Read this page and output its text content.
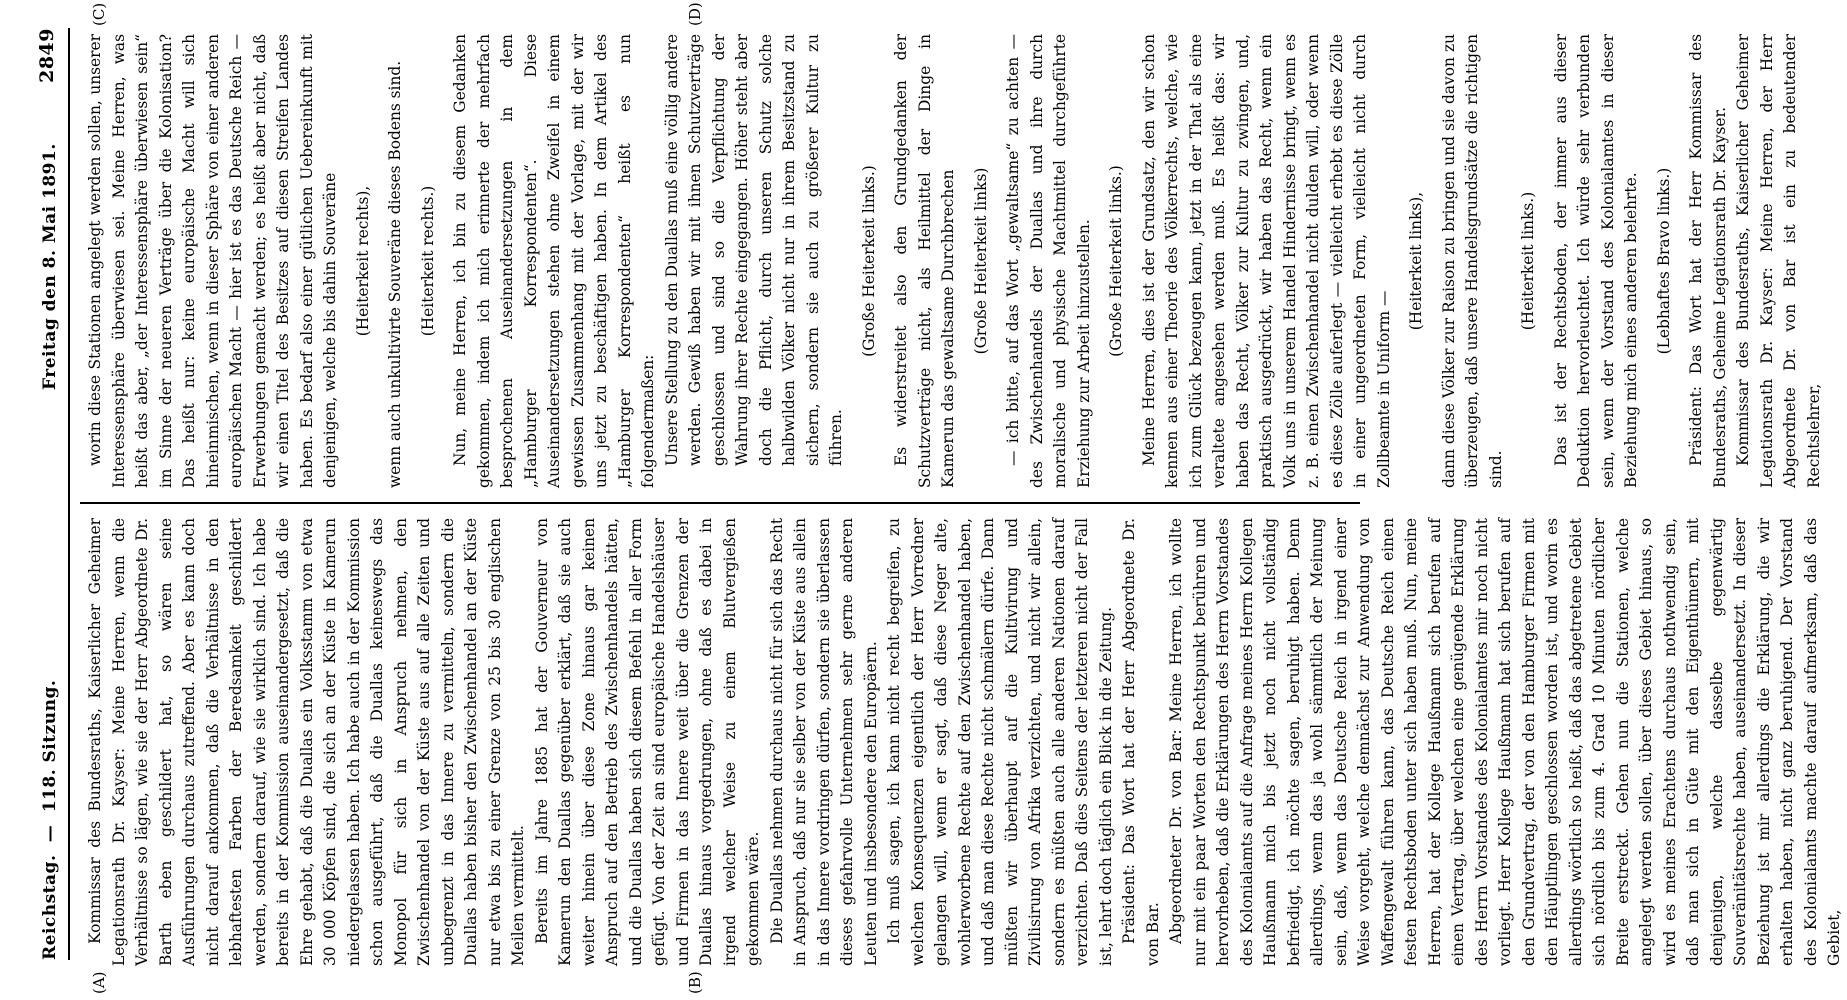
Reichstag. — 118. Sitzung.
Freitag den 8. Mai 1891.
2849
(A)	(B)
(C)	(D)

Kommissar des Bundesraths, Kaiserlicher Geheimer Legationsrath Dr. Kayser: Meine Herren, wenn die Verhältnisse so lägen, wie sie der Herr Abgeordnete Dr. Barth eben geschildert hat, so wären seine Ausführungen durchaus zutreffend. Aber es kann doch nicht darauf ankommen, daß die Verhältnisse in den lebhaftesten Farben der Beredsamkeit geschildert werden, sondern darauf, wie sie wirklich sind. Ich habe bereits in der Kommission auseinandergesetzt, daß die Ehre gehabt, daß die Duallas ein Volksstamm von etwa 30 000 Köpfen sind, die sich an der Küste in Kamerun niedergelassen haben. Ich habe auch in der Kommission schon ausgeführt, daß die Duallas keineswegs das Monopol für sich in Anspruch nehmen, den Zwischenhandel von der Küste aus auf alle Zeiten und unbegrenzt in das Innere zu vermitteln, sondern die Duallas haben bisher den Zwischenhandel an der Küste nur etwa bis zu einer Grenze von 25 bis 30 englischen Meilen vermittelt. Bereits im Jahre 1885 hat der Gouverneur von Kamerun den Duallas gegenüber erklärt, daß sie auch weiter hinein über diese Zone hinaus gar keinen Anspruch auf den Betrieb des Zwischenhandels hätten, und die Duallas haben sich diesem Befehl in aller Form gefügt. Von der Zeit an sind europäische Handelshäuser und Firmen in das Innere weit über die Grenzen der Duallas hinaus vorgedrungen, ohne daß es dabei in irgend welcher Weise zu einem Blutvergießen gekommen wäre. Die Duallas nehmen durchaus nicht für sich das Recht in Anspruch, daß nur sie selber von der Küste aus allein in das Innere vordringen dürfen, sondern sie überlassen dieses gefahrvolle Unternehmen sehr gerne anderen Leuten und insbesondere den Europäern. Ich muß sagen, ich kann nicht recht begreifen, zu welchen Konsequenzen eigentlich der Herr Vorredner gelangen will, wenn er sagt, daß diese Neger alte, wohlerworbene Rechte auf den Zwischenhandel haben, und daß man diese Rechte nicht schmälern dürfe. Dann müßten wir überhaupt auf die Kultivirung und Zivilisirung von Afrika verzichten, und nicht wir allein, sondern es müßten auch alle anderen Nationen darauf verzichten. Daß dies Seitens der letzteren nicht der Fall ist, lehrt doch täglich ein Blick in die Zeitung. Präsident: Das Wort hat der Herr Abgeordnete Dr. von Bar. Abgeordneter Dr. von Bar: Meine Herren, ich wollte nur mit ein paar Worten den Rechtspunkt berühren und hervorheben, daß die Erklärungen des Herrn Vorstandes des Kolonialamts auf die Anfrage meines Herrn Kollegen Haußmann mich bis jetzt noch nicht vollständig befriedigt, ich möchte sagen, beruhigt haben. Denn allerdings, wenn das ja wohl sämmtlich der Meinung sein, daß, wenn das Deutsche Reich in irgend einer Weise vorgeht, welche demnächst zur Anwendung von Waffengewalt führen kann, das Deutsche Reich einen festen Rechtsboden unter sich haben muß. Nun, meine Herren, hat der Kollege Haußmann sich berufen auf einen Vertrag, über welchen eine genügende Erklärung des Herrn Vorstandes des Kolonialamtes mir noch nicht vorliegt. Herr Kollege Haußmann hat sich berufen auf den Grundvertrag, der von den Hamburger Firmen mit den Häuptlingen geschlossen worden ist, und worin es allerdings wörtlich so heißt, daß das abgetretene Gebiet sich nördlich bis zum 4. Grad 10 Minuten nördlicher Breite erstreckt. Gehen nun die Stationen, welche angelegt werden sollen, über dieses Gebiet hinaus, so wird es meines Erachtens durchaus nothwendig sein, daß man sich in Güte mit den Eigenthümern, mit denjenigen, welche dasselbe gegenwärtig Souveränitätsrechte haben, auseinandersetzt. In dieser Beziehung ist mir allerdings die Erklärung, die wir erhalten haben, nicht ganz beruhigend. Der Vorstand des Kolonialamts machte darauf aufmerksam, daß das Gebiet,

worin diese Stationen angelegt werden sollen, unserer Interessensphäre überwiesen sei. Meine Herren, was heißt das aber, „der Interessensphäre überwiesen sein“ im Sinne der neueren Verträge über die Kolonisation? Das heißt nur: keine europäische Macht will sich hineinmischen, wenn in dieser Sphäre von einer anderen europäischen Macht — hier ist es das Deutsche Reich — Erwerbungen gemacht werden; es heißt aber nicht, daß wir einen Titel des Besitzes auf diesen Streifen Landes haben. Es bedarf also einer gütlichen Uebereinkunft mit denjenigen, welche bis dahin Souveräne (Heiterkeit rechts), wenn auch unkultivirte Souveräne dieses Bodens sind. (Heiterkeit rechts.) Nun, meine Herren, ich bin zu diesem Gedanken gekommen, indem ich mich erinnerte der mehrfach besprochenen Auseinandersetzungen in dem „Hamburger Korrespondenten“. Diese Auseinandersetzungen stehen ohne Zweifel in einem gewissen Zusammenhang mit der Vorlage, mit der wir uns jetzt zu beschäftigen haben. In dem Artikel des „Hamburger Korrespondenten“ heißt es nun folgendermaßen: Unsere Stellung zu den Duallas muß eine völlig andere werden. Gewiß haben wir mit ihnen Schutzverträge geschlossen und sind so die Verpflichtung der Wahrung ihrer Rechte eingegangen. Höher steht aber doch die Pflicht, durch unseren Schutz solche halbwilden Völker nicht nur in ihrem Besitzstand zu sichern, sondern sie auch zu größerer Kultur zu führen.

(Große Heiterkeit links.) Es widerstreitet also den Grundgedanken der Schutzverträge nicht, als Heilmittel der Dinge in Kamerun das gewaltsame Durchbrechen (Große Heiterkeit links) — ich bitte, auf das Wort „gewaltsame“ zu achten — des Zwischenhandels der Duallas und ihre durch moralische und physische Machtmittel durchgeführte Erziehung zur Arbeit hinzustellen. (Große Heiterkeit links.) Meine Herren, dies ist der Grundsatz, den wir schon kennen aus einer Theorie des Völkerrechts, welche, wie ich zum Glück bezeugen kann, jetzt in der That als eine veraltete angesehen werden muß. Es heißt das: wir haben das Recht, Völker zur Kultur zu zwingen, und, praktisch ausgedrückt, wir haben das Recht, wenn ein Volk uns in unserem Handel Hindernisse bringt, wenn es z. B. einen Zwischenhandel nicht dulden will, oder wenn es diese Zölle auferlegt — vielleicht erhebt es diese Zölle in einer ungeordneten Form, vielleicht nicht durch Zollbeamte in Uniform —

(Heiterkeit links), dann diese Völker zur Raison zu bringen und sie davon zu überzeugen, daß unsere Handelsgrundsätze die richtigen sind.

(Heiterkeit links.) Das ist der Rechtsboden, der immer aus dieser Deduktion hervorleuchtet. Ich würde sehr verbunden sein, wenn der Vorstand des Kolonialamtes in dieser Beziehung mich eines anderen belehrte. (Lebhaftes Bravo links.) Präsident: Das Wort hat der Herr Kommissar des Bundesraths, Geheime Legationsrath Dr. Kayser. Kommissar des Bundesraths, Kaiserlicher Geheimer Legationsrath Dr. Kayser: Meine Herren, der Herr Abgeordnete Dr. von Bar ist ein zu bedeutender Rechtslehrer,
